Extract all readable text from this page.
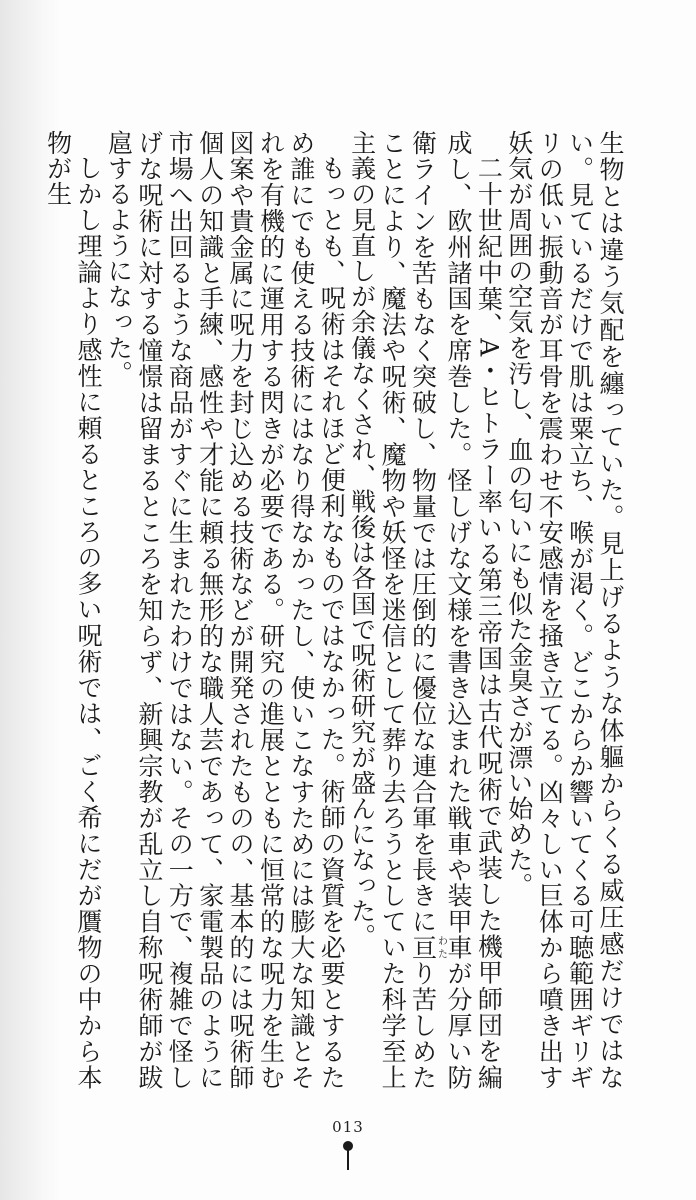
生物とは違う気配を纏っていた。見上げるような体軀からくる威圧感だけではない。見ているだけで肌は粟立ち、喉が渇く。どこからか響いてくる可聴範囲ギリギリの低い振動音が耳骨を震わせ不安感情を掻き立てる。凶々しい巨体から噴き出す妖気が周囲の空気を汚し、血の匂いにも似た金臭さが漂い始めた。

二十世紀中葉、A・ヒトラー率いる第三帝国は古代呪術で武装した機甲師団を編成し、欧州諸国を席巻した。怪しげな文様を書き込まれた戦車や装甲車が分厚い防衛ラインを苦もなく突破し、物量では圧倒的に優位な連合軍を長きに亘わたり苦しめたことにより、魔法や呪術、魔物や妖怪を迷信として葬り去ろうとしていた科学至上主義の見直しが余儀なくされ、戦後は各国で呪術研究が盛んになった。

もっとも、呪術はそれほど便利なものではなかった。術師の資質を必要とするため誰にでも使える技術にはなり得なかったし、使いこなすためには膨大な知識とそれを有機的に運用する閃きが必要である。研究の進展とともに恒常的な呪力を生む図案や貴金属に呪力を封じ込める技術などが開発されたものの、基本的には呪術師個人の知識と手練、感性や才能に頼る無形的な職人芸であって、家電製品のように市場へ出回るような商品がすぐに生まれたわけではない。その一方で、複雑で怪しげな呪術に対する憧憬は留まるところを知らず、新興宗教が乱立し自称呪術師が跋扈するようになった。

しかし理論より感性に頼るところの多い呪術では、ごく希にだが贋物の中から本物が生

013
